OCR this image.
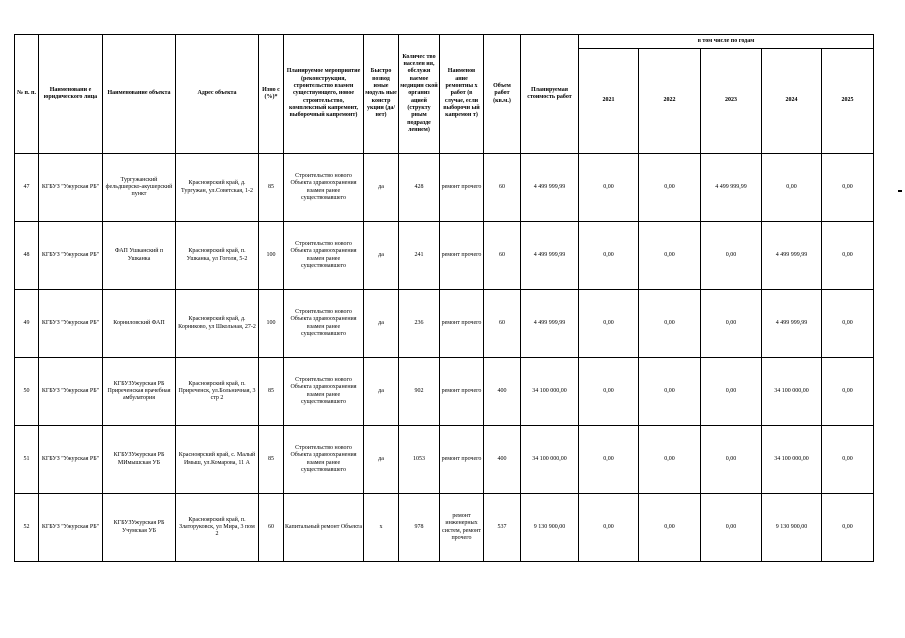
№ п. п.	Наименовани е юридического лица	Наименование объекта	Адрес объекта	Изно с (%)*	Планируемое мероприятие (реконструкция, строительство взамен существующего, новое строительство, комплексный капремонт, выборочный капремонт)	Быстро возвод имые модуль ные констр укции (да/нет)	Количес тво населен ия, обслужи ваемое медицин ской организ ацией (структу рным подразде лением)	Наименов ание ремонтны х работ (в случае, если выборочн ый капремон т)	Объем работ (кв.м.)	Планируемая стоимость работ	в том числе по годам				
											2021	2022	2023	2024	2025
47	КГБУЗ "Ужурская РБ"	Тургужанский фельдшерско-акушерский пункт	Красноярский край, д. Тургужан, ул.Советская, 1-2	85	Строительство нового Объекта здравоохранения взамен ранее существовавшего	да	428	ремонт прочего	60	4 499 999,99	0,00	0,00	4 499 999,99	0,00	0,00
48	КГБУЗ "Ужурская РБ"	ФАП Ушканский п Ушканка	Красноярский край, п. Ушканка, ул Гоголя, 5-2	100	Строительство нового Объекта здравоохранения взамен ранее существовавшего	да	241	ремонт прочего	60	4 499 999,99	0,00	0,00	0,00	4 499 999,99	0,00
49	КГБУЗ "Ужурская РБ"	Корниловский ФАП	Красноярский край, д. Корниково, ул Школьная, 27-2	100	Строительство нового Объекта здравоохранения взамен ранее существовавшего	да	236	ремонт прочего	60	4 499 999,99	0,00	0,00	0,00	4 499 999,99	0,00
50	КГБУЗ "Ужурская РБ"	КГБУЗУжурская РБ Приреченская врачебная амбулатория	Красноярский край, п. Приреченск, ул.Больничная, 3 стр 2	85	Строительство нового Объекта здравоохранения взамен ранее существовавшего	да	902	ремонт прочего	400	34 100 000,00	0,00	0,00	0,00	34 100 000,00	0,00
51	КГБУЗ "Ужурская РБ"	КГБУЗУжурская РБ МИмышская УБ	Красноярский край, с. Малый Имыш, ул.Комарова, 11 А	85	Строительство нового Объекта здравоохранения взамен ранее существовавшего	да	1053	ремонт прочего	400	34 100 000,00	0,00	0,00	0,00	34 100 000,00	0,00
52	КГБУЗ "Ужурская РБ"	КГБУЗУжурская РБ Учумская УБ	Красноярский край, п. Златоруковск, ул Мира, 3 пом 2	60	Капитальный ремонт Объекта	х	978	ремонт инженерных систем, ремонт прочего	537	9 130 900,00	0,00	0,00	0,00	9 130 900,00	0,00
